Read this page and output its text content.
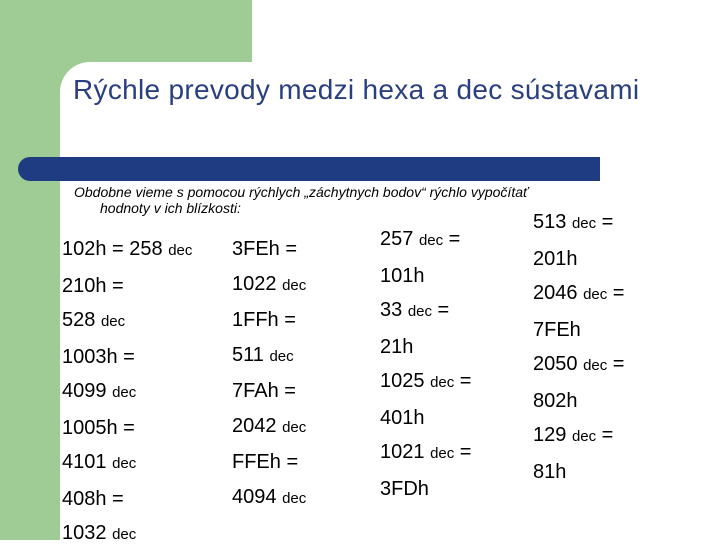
Rýchle prevody medzi hexa a dec sústavami
Obdobne vieme s pomocou rýchlych „záchytnych bodov“ rýchlo vypočítať
hodnoty v ich blízkosti:
102h = 258 dec
210h =
528 dec
1003h =
4099 dec
1005h =
4101 dec
408h =
1032 dec
3FEh =
1022 dec
1FFh =
511 dec
7FAh =
2042 dec
FFEh =
4094 dec
257 dec =
101h
33 dec =
21h
1025 dec =
401h
1021 dec =
3FDh
513 dec =
201h
2046 dec =
7FEh
2050 dec =
802h
129 dec =
81h
